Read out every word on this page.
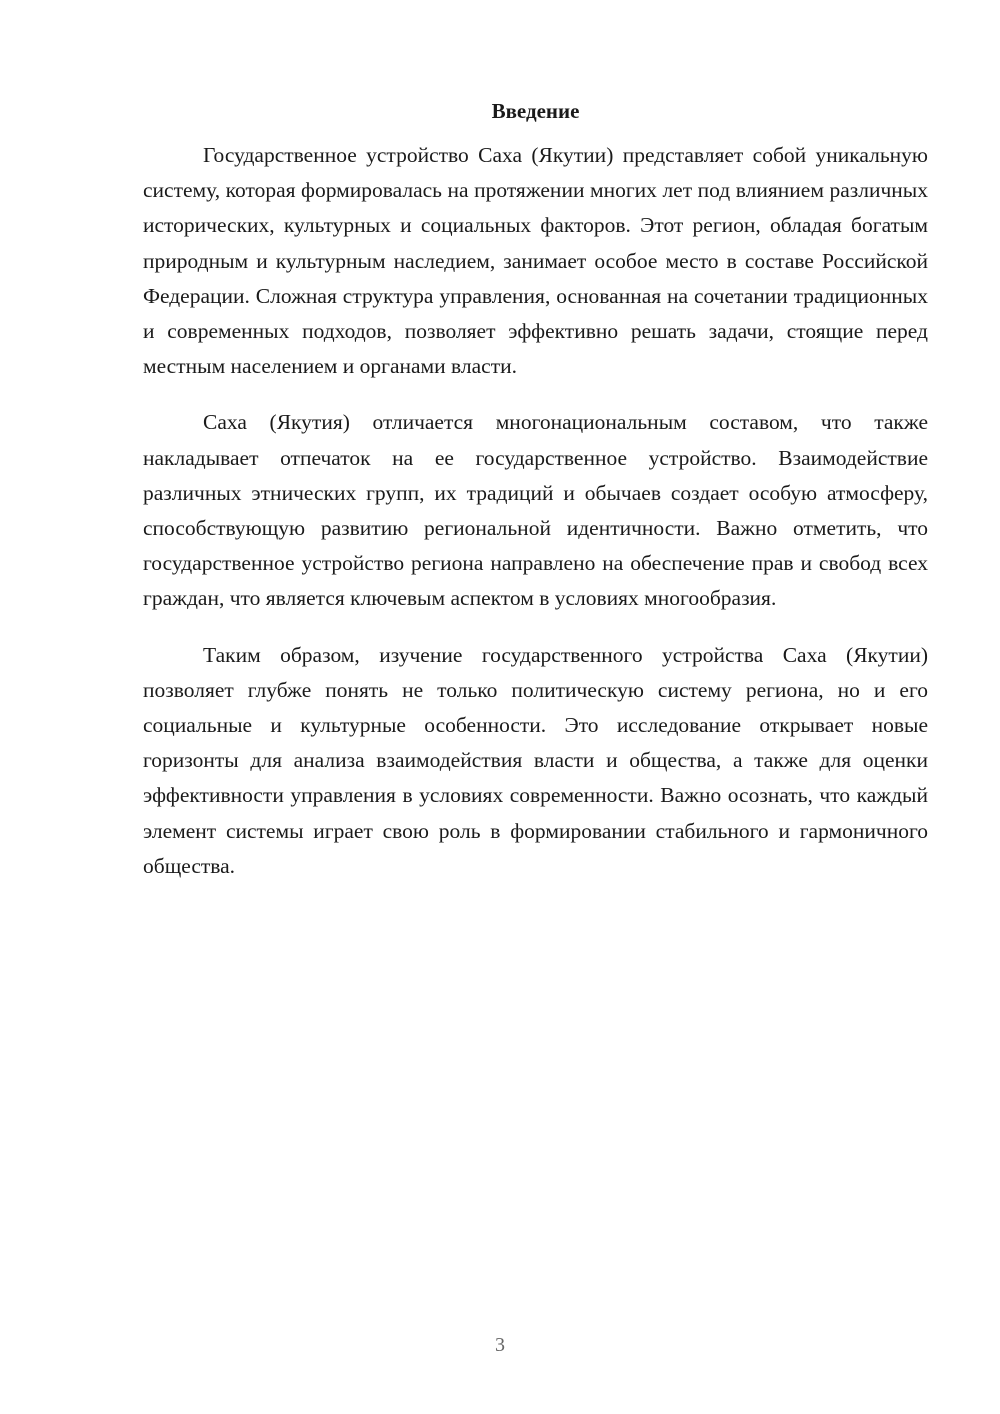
Введение

Государственное устройство Саха (Якутии) представляет собой уникальную систему, которая формировалась на протяжении многих лет под влиянием различных исторических, культурных и социальных факторов. Этот регион, обладая богатым природным и культурным наследием, занимает особое место в составе Российской Федерации. Сложная структура управления, основанная на сочетании традиционных и современных подходов, позволяет эффективно решать задачи, стоящие перед местным населением и органами власти.

Саха (Якутия) отличается многонациональным составом, что также накладывает отпечаток на ее государственное устройство. Взаимодействие различных этнических групп, их традиций и обычаев создает особую атмосферу, способствующую развитию региональной идентичности. Важно отметить, что государственное устройство региона направлено на обеспечение прав и свобод всех граждан, что является ключевым аспектом в условиях многообразия.

Таким образом, изучение государственного устройства Саха (Якутии) позволяет глубже понять не только политическую систему региона, но и его социальные и культурные особенности. Это исследование открывает новые горизонты для анализа взаимодействия власти и общества, а также для оценки эффективности управления в условиях современности. Важно осознать, что каждый элемент системы играет свою роль в формировании стабильного и гармоничного общества.

3
